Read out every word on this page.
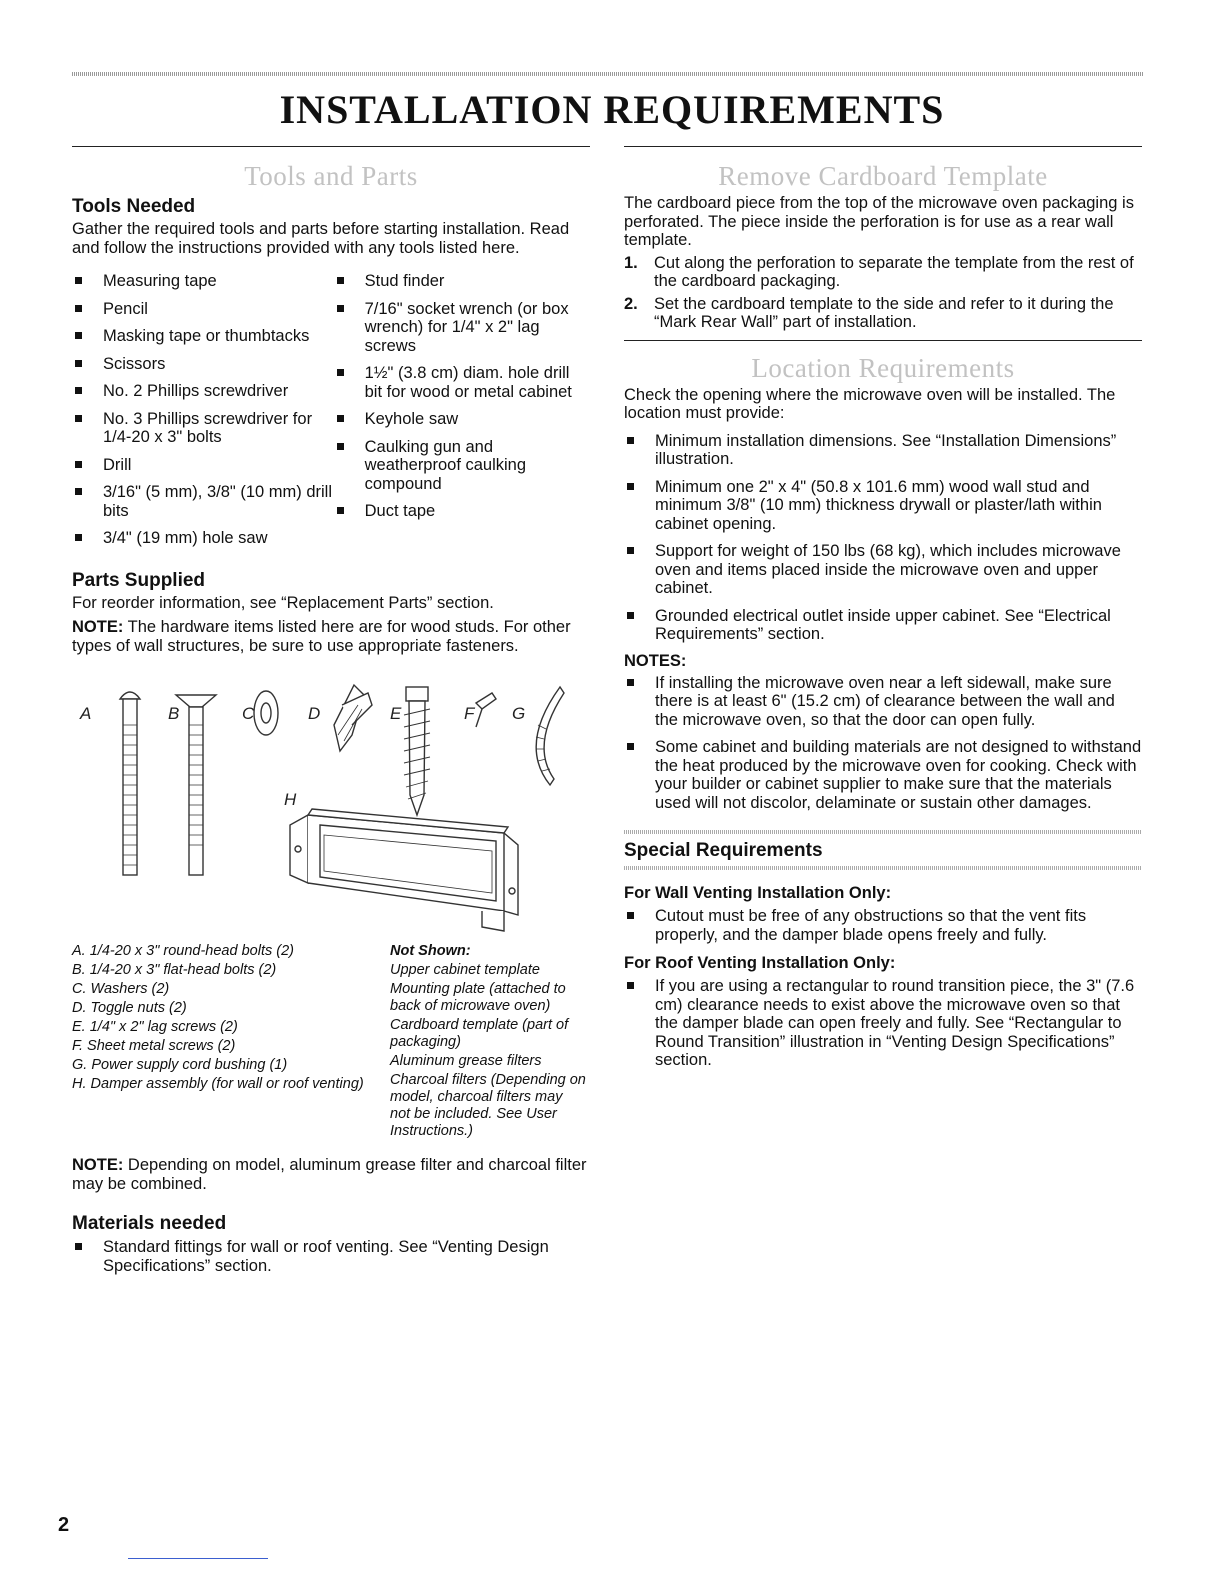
INSTALLATION REQUIREMENTS
Tools and Parts
Tools Needed

Gather the required tools and parts before starting installation. Read and follow the instructions provided with any tools listed here.

Measuring tape
Pencil
Masking tape or thumbtacks
Scissors
No. 2 Phillips screwdriver
No. 3 Phillips screwdriver for 1/4-20 x 3" bolts
Drill
3/16" (5 mm), 3/8" (10 mm) drill bits
3/4" (19 mm) hole saw
Stud finder
7/16" socket wrench (or box wrench) for 1/4" x 2" lag screws
1½" (3.8 cm) diam. hole drill bit for wood or metal cabinet
Keyhole saw
Caulking gun and weatherproof caulking compound
Duct tape
Parts Supplied

For reorder information, see “Replacement Parts” section.

NOTE: The hardware items listed here are for wood studs. For other types of wall structures, be sure to use appropriate fasteners.

A	B	C	D	E	F G
H
A. 1/4-20 x 3" round-head bolts (2)
B. 1/4-20 x 3" flat-head bolts (2)
C. Washers (2)
D. Toggle nuts (2)
E. 1/4" x 2" lag screws (2)
F. Sheet metal screws (2)
G. Power supply cord bushing (1)
H. Damper assembly (for wall or roof venting)
Not Shown:
Upper cabinet template
Mounting plate (attached to back of microwave oven)
Cardboard template (part of packaging)
Aluminum grease filters
Charcoal filters (Depending on model, charcoal filters may not be included. See User Instructions.)

NOTE: Depending on model, aluminum grease filter and charcoal filter may be combined.

Materials needed
Standard fittings for wall or roof venting. See “Venting Design Specifications” section.
Remove Cardboard Template

The cardboard piece from the top of the microwave oven packaging is perforated. The piece inside the perforation is for use as a rear wall template.

1. Cut along the perforation to separate the template from the rest of the cardboard packaging.
2. Set the cardboard template to the side and refer to it during the “Mark Rear Wall” part of installation.
Location Requirements

Check the opening where the microwave oven will be installed. The location must provide:

Minimum installation dimensions. See “Installation Dimensions” illustration.
Minimum one 2" x 4" (50.8 x 101.6 mm) wood wall stud and minimum 3/8" (10 mm) thickness drywall or plaster/lath within cabinet opening.
Support for weight of 150 lbs (68 kg), which includes microwave oven and items placed inside the microwave oven and upper cabinet.
Grounded electrical outlet inside upper cabinet. See “Electrical Requirements” section.
NOTES:
If installing the microwave oven near a left sidewall, make sure there is at least 6" (15.2 cm) of clearance between the wall and the microwave oven, so that the door can open fully.
Some cabinet and building materials are not designed to withstand the heat produced by the microwave oven for cooking. Check with your builder or cabinet supplier to make sure that the materials used will not discolor, delaminate or sustain other damages.
Special Requirements
For Wall Venting Installation Only:
Cutout must be free of any obstructions so that the vent fits properly, and the damper blade opens freely and fully.
For Roof Venting Installation Only:
If you are using a rectangular to round transition piece, the 3" (7.6 cm) clearance needs to exist above the microwave oven so that the damper blade can open freely and fully. See “Rectangular to Round Transition” illustration in “Venting Design Specifications” section.
2
